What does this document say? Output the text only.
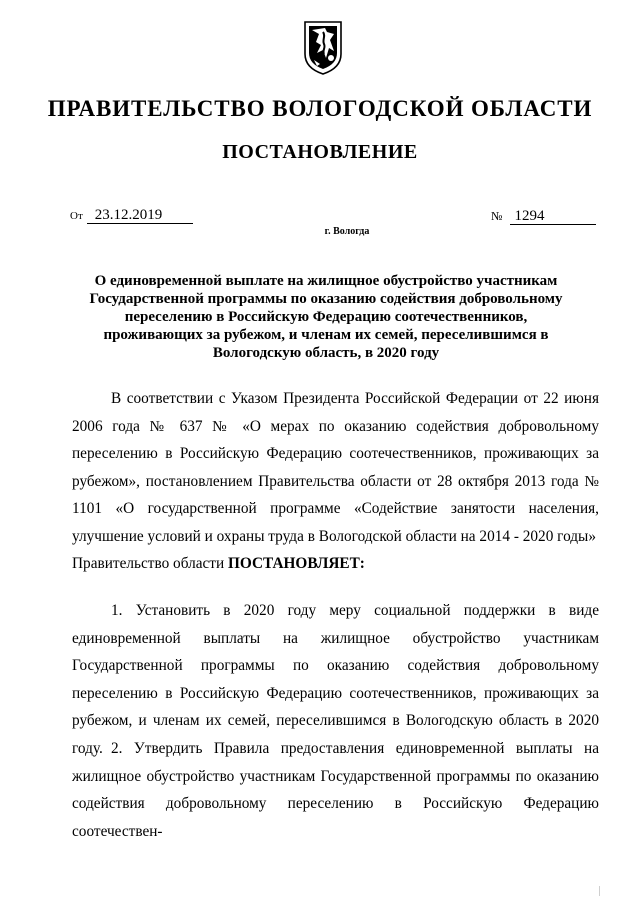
ПРАВИТЕЛЬСТВО ВОЛОГОДСКОЙ ОБЛАСТИ
ПОСТАНОВЛЕНИЕ
От 23.12.2019	№ 1294
г. Вологда
О единовременной выплате на жилищное обустройство участникам Государственной программы по оказанию содействия добровольному переселению в Российскую Федерацию соотечественников, проживающих за рубежом, и членам их семей, переселившимся в Вологодскую область, в 2020 году

В соответствии с Указом Президента Российской Федерации от 22 июня 2006 года № 637 № «О мерах по оказанию содействия добровольному переселению в Российскую Федерацию соотечественников, проживающих за рубежом», постановлением Правительства области от 28 октября 2013 года № 1101 «О государственной программе «Содействие занятости населения, улучшение условий и охраны труда в Вологодской области на 2014 - 2020 годы»

Правительство области ПОСТАНОВЛЯЕТ:

1. Установить в 2020 году меру социальной поддержки в виде единовременной выплаты на жилищное обустройство участникам Государственной программы по оказанию содействия добровольному переселению в Российскую Федерацию соотечественников, проживающих за рубежом, и членам их семей, переселившимся в Вологодскую область в 2020 году. 2. Утвердить Правила предоставления единовременной выплаты на жилищное обустройство участникам Государственной программы по оказанию содействия добровольному переселению в Российскую Федерацию соотечествен-
